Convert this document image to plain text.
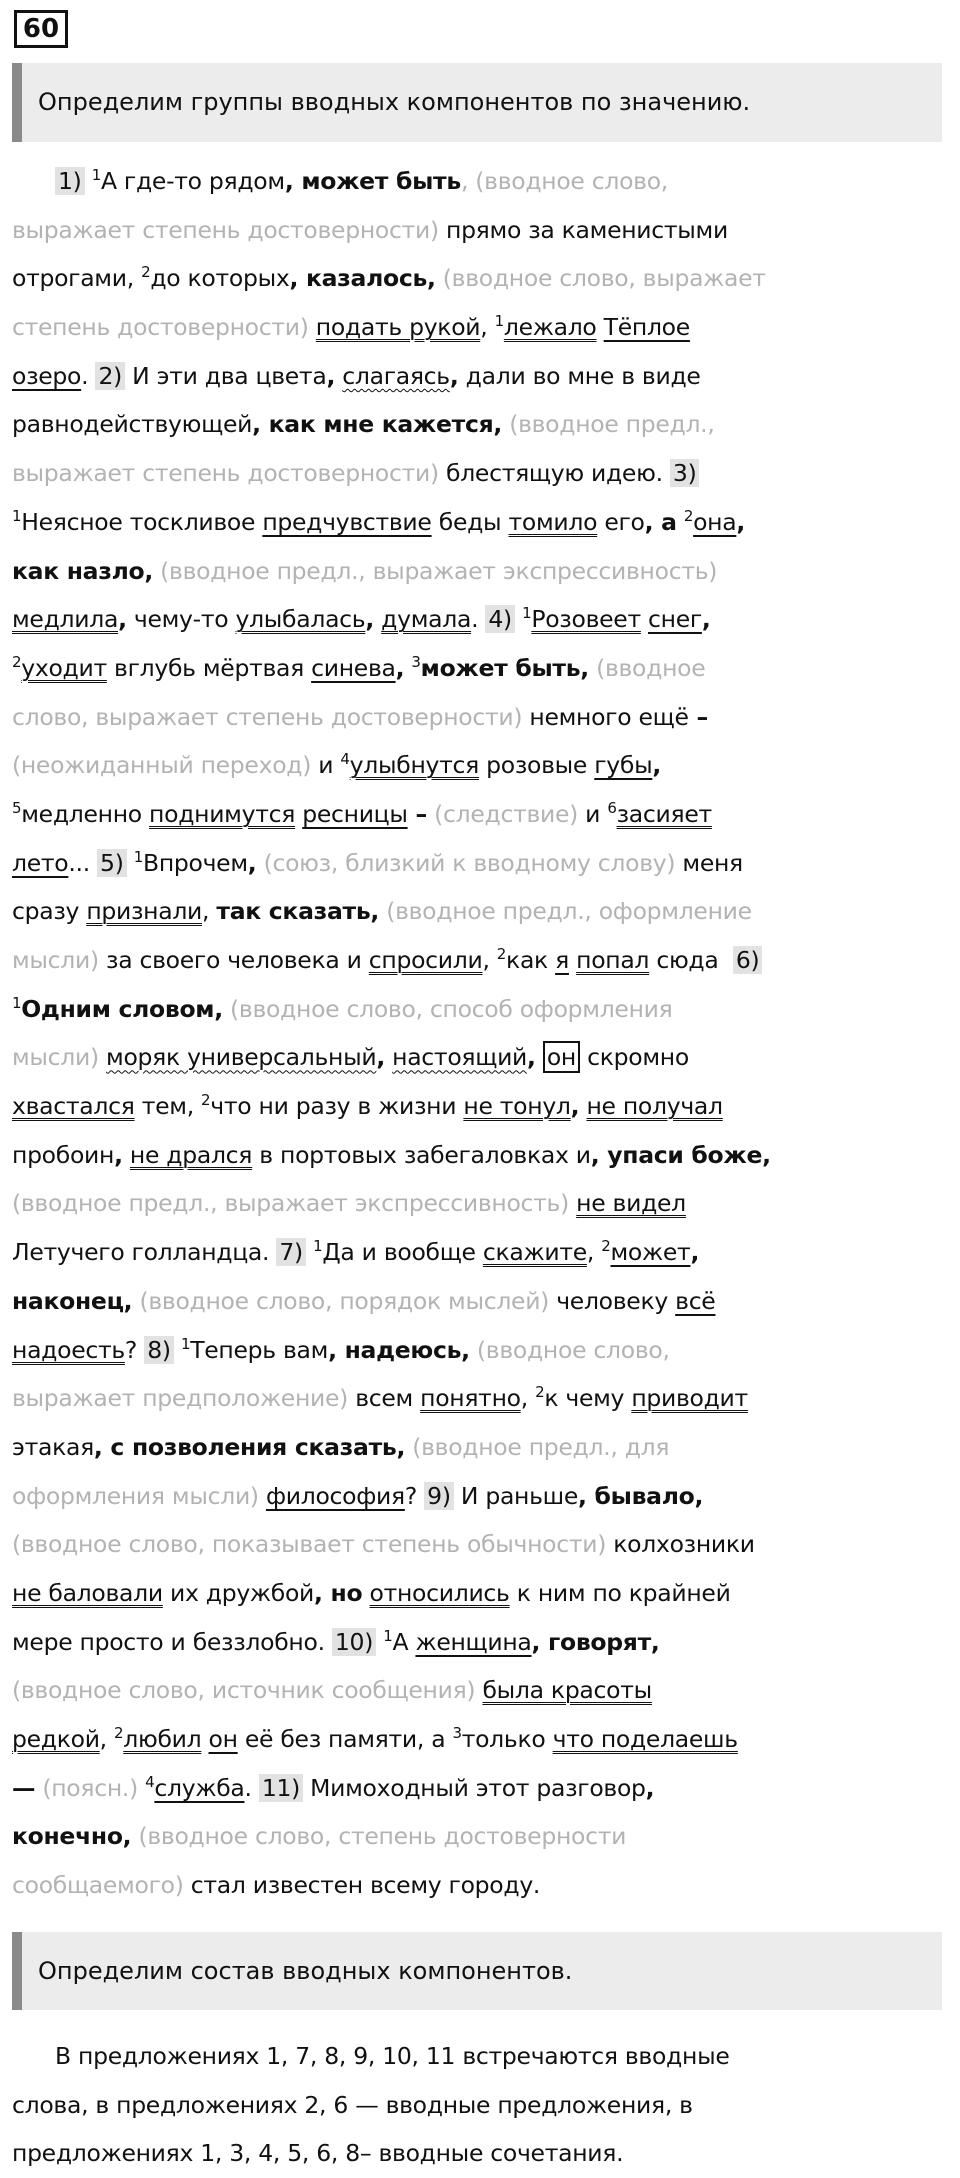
60
Определим группы вводных компонентов по значению.
1) $^1$А где-то рядом, может быть, (вводное слово,
выражает степень достоверности) прямо за каменистыми
отрогами, $^2$до которых, казалось, (вводное слово, выражает
степень достоверности) подать рукой, $^1$лежало Тёплое
озеро. 2) И эти два цвета, слагаясь, дали во мне в виде
равнодействующей, как мне кажется, (вводное предл.,
выражает степень достоверности) блестящую идею. 3)
$^1$Неясное тоскливое предчувствие беды томило его, а $^2$она,
как назло, (вводное предл., выражает экспрессивность)
медлила, чему-то улыбалась, думала. 4) $^1$Розовеет снег,
$^2$уходит вглубь мёртвая синева, $^3$может быть, (вводное
слово, выражает степень достоверности) немного ещё –
(неожиданный переход) и $^4$улыбнутся розовые губы,
$^5$медленно поднимутся ресницы – (следствие) и $^6$засияет
лето... 5) $^1$Впрочем, (союз, близкий к вводному слову) меня
сразу признали, так сказать, (вводное предл., оформление
мысли) за своего человека и спросили, $^2$как я попал сюда  6)
$^1$Одним словом, (вводное слово, способ оформления
мысли) моряк универсальный, настоящий, он скромно
хвастался тем, $^2$что ни разу в жизни не тонул, не получал
пробоин, не дрался в портовых забегаловках и, упаси боже,
(вводное предл., выражает экспрессивность) не видел
Летучего голландца. 7) $^1$Да и вообще скажите, $^2$может,
наконец, (вводное слово, порядок мыслей) человеку всё
надоесть? 8) $^1$Теперь вам, надеюсь, (вводное слово,
выражает предположение) всем понятно, $^2$к чему приводит
этакая, с позволения сказать, (вводное предл., для
оформления мысли) философия? 9) И раньше, бывало,
(вводное слово, показывает степень обычности) колхозники
не баловали их дружбой, но относились к ним по крайней
мере просто и беззлобно. 10) $^1$А женщина, говорят,
(вводное слово, источник сообщения) была красоты
редкой, $^2$любил он её без памяти, а $^3$только что поделаешь
— (поясн.) $^4$служба. 11) Мимоходный этот разговор,
конечно, (вводное слово, степень достоверности
сообщаемого) стал известен всему городу.
Определим состав вводных компонентов.
В предложениях 1, 7, 8, 9, 10, 11 встречаются вводные
слова, в предложениях 2, 6 — вводные предложения, в
предложениях 1, 3, 4, 5, 6, 8– вводные сочетания.
